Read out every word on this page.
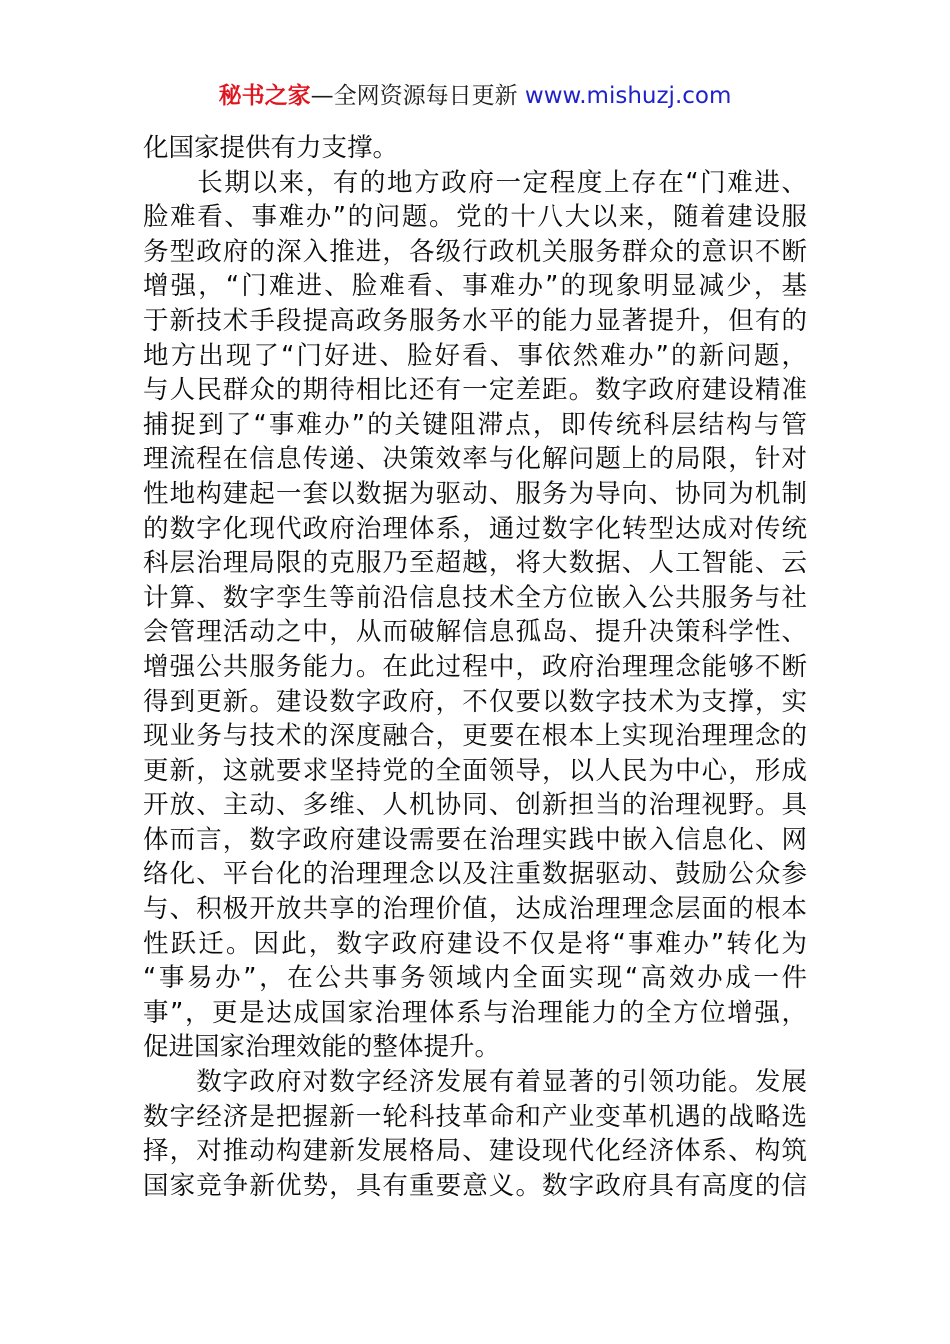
秘书之家—全网资源每日更新 www.mishuzj.com
化国家提供有力支撑。
　　长期以来，有的地方政府一定程度上存在“门难进、
脸难看、事难办”的问题。党的十八大以来，随着建设服
务型政府的深入推进，各级行政机关服务群众的意识不断
增强，“门难进、脸难看、事难办”的现象明显减少，基
于新技术手段提高政务服务水平的能力显著提升，但有的
地方出现了“门好进、脸好看、事依然难办”的新问题，
与人民群众的期待相比还有一定差距。数字政府建设精准
捕捉到了“事难办”的关键阻滞点，即传统科层结构与管
理流程在信息传递、决策效率与化解问题上的局限，针对
性地构建起一套以数据为驱动、服务为导向、协同为机制
的数字化现代政府治理体系，通过数字化转型达成对传统
科层治理局限的克服乃至超越，将大数据、人工智能、云
计算、数字孪生等前沿信息技术全方位嵌入公共服务与社
会管理活动之中，从而破解信息孤岛、提升决策科学性、
增强公共服务能力。在此过程中，政府治理理念能够不断
得到更新。建设数字政府，不仅要以数字技术为支撑，实
现业务与技术的深度融合，更要在根本上实现治理理念的
更新，这就要求坚持党的全面领导，以人民为中心，形成
开放、主动、多维、人机协同、创新担当的治理视野。具
体而言，数字政府建设需要在治理实践中嵌入信息化、网
络化、平台化的治理理念以及注重数据驱动、鼓励公众参
与、积极开放共享的治理价值，达成治理理念层面的根本
性跃迁。因此，数字政府建设不仅是将“事难办”转化为
“事易办”，在公共事务领域内全面实现“高效办成一件
事”，更是达成国家治理体系与治理能力的全方位增强，
促进国家治理效能的整体提升。
　　数字政府对数字经济发展有着显著的引领功能。发展
数字经济是把握新一轮科技革命和产业变革机遇的战略选
择，对推动构建新发展格局、建设现代化经济体系、构筑
国家竞争新优势，具有重要意义。数字政府具有高度的信
